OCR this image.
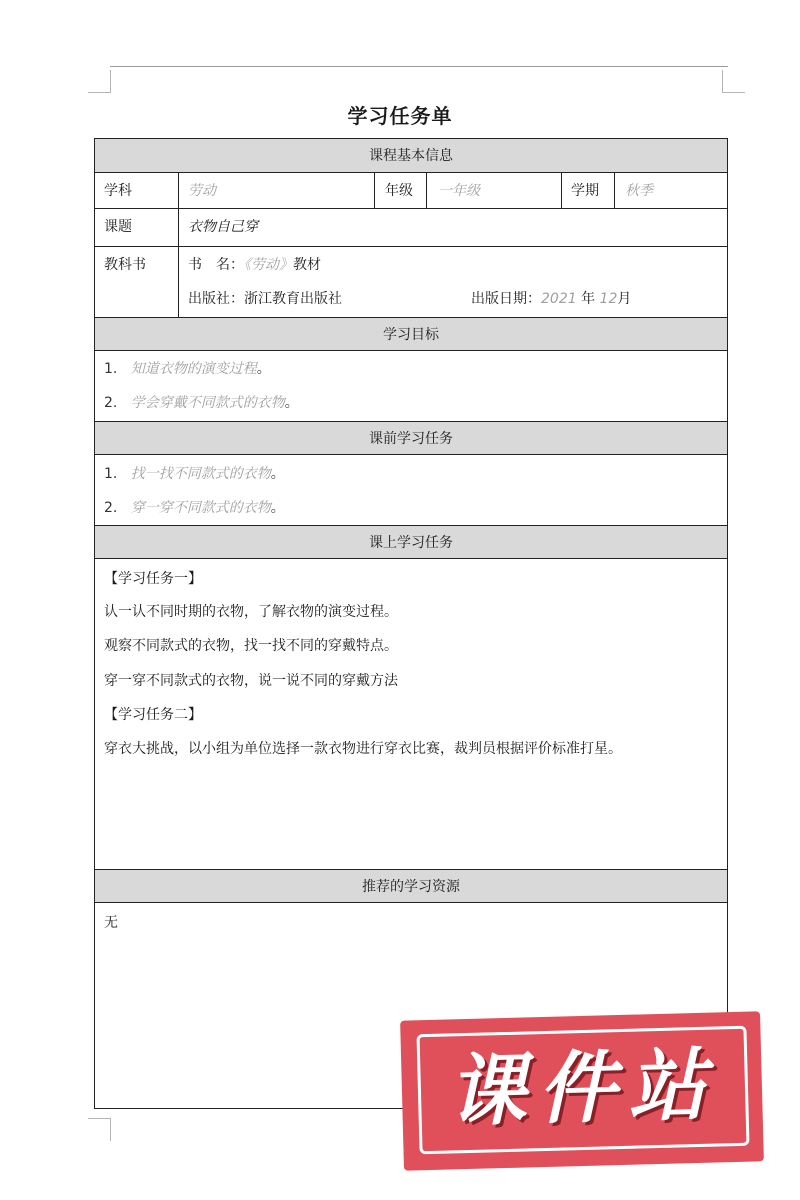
学习任务单
课程基本信息
学科	劳动	年级 一年级	学期 秋季
课题	衣物自己穿
教科书	书　名：《劳动》教材
出版社：浙江教育出版社	出版日期：2021 年 12月
学习目标
1. 知道衣物的演变过程。
2. 学会穿戴不同款式的衣物。
课前学习任务
1. 找一找不同款式的衣物。
2. 穿一穿不同款式的衣物。
课上学习任务
【学习任务一】
认一认不同时期的衣物，了解衣物的演变过程。
观察不同款式的衣物，找一找不同的穿戴特点。
穿一穿不同款式的衣物，说一说不同的穿戴方法
【学习任务二】
穿衣大挑战，以小组为单位选择一款衣物进行穿衣比赛，裁判员根据评价标准打星。
推荐的学习资源
无
课件站
